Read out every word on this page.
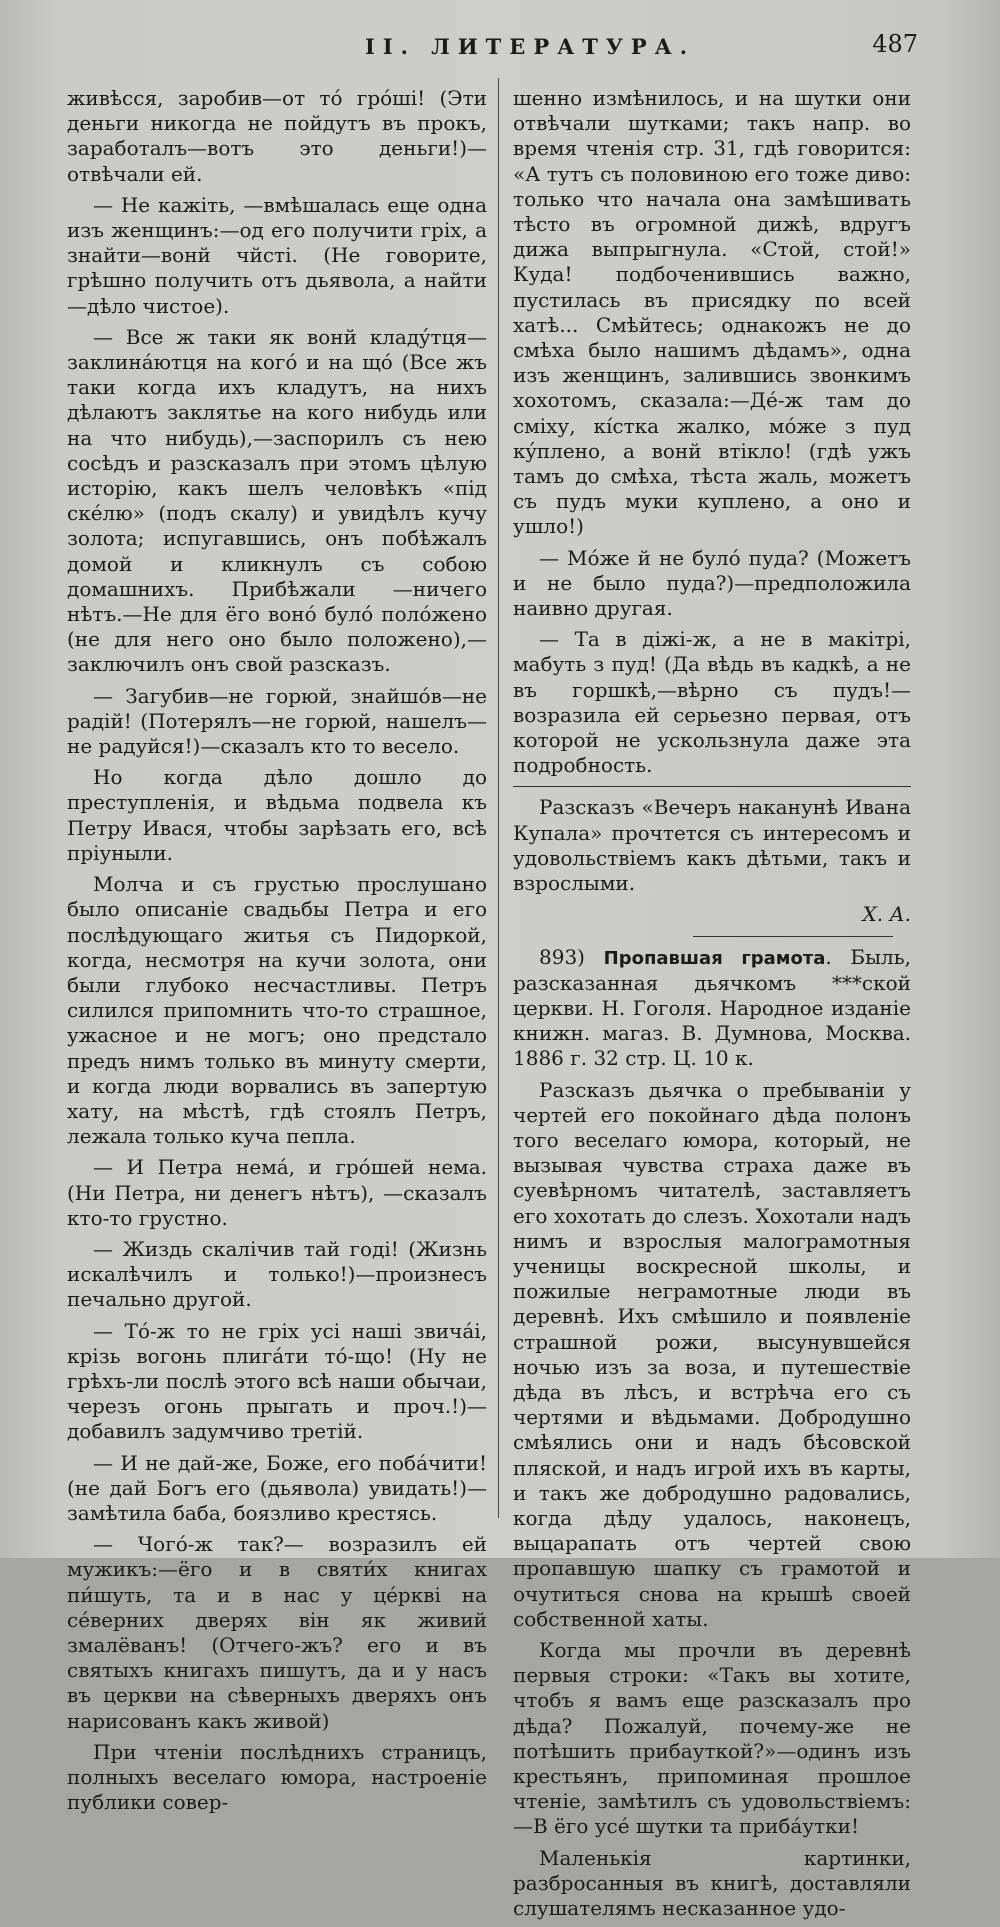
II. ЛИТЕРАТУРА.	487

живѣсся, заробив—от тó грóші! (Эти деньги никогда не пойдутъ въ прокъ, заработалъ—вотъ это деньги!)—отвѣчали ей.

— Не кажіть, —вмѣшалась еще одна изъ женщинъ:—од его получити гріх, а знайти—вонй чйсті. (Не говорите, грѣшно получить отъ дьявола, а найти—дѣло чистое).

— Все ж таки як вонй кладýтця—заклинáютця на когó и на щó (Все жъ таки когда ихъ кладутъ, на нихъ дѣлаютъ заклятье на кого нибудь или на что нибудь),—заспорилъ съ нею сосѣдъ и разсказалъ при этомъ цѣлую исторію, какъ шелъ человѣкъ «під скéлю» (подъ скалу) и увидѣлъ кучу золота; испугавшись, онъ побѣжалъ домой и кликнулъ съ собою домашнихъ. Прибѣжали —ничего нѣтъ.—Не для ёго вонó булó полóжено (не для него оно было положено),—заключилъ онъ свой разсказъ.

— Загубив—не горюй, знайшóв—не радій! (Потерялъ—не горюй, нашелъ—не радуйся!)—сказалъ кто то весело.

Но когда дѣло дошло до преступленія, и вѣдьма подвела къ Петру Ивася, чтобы зарѣзать его, всѣ пріуныли.

Молча и съ грустью прослушано было описаніе свадьбы Петра и его послѣдующаго житья съ Пидоркой, когда, несмотря на кучи золота, они были глубоко несчастливы. Петръ силился припомнить что-то страшное, ужасное и не могъ; оно предстало предъ нимъ только въ минуту смерти, и когда люди ворвались въ запертую хату, на мѣстѣ, гдѣ стоялъ Петръ, лежала только куча пепла.

— И Петра немá, и грóшей нема. (Ни Петра, ни денегъ нѣтъ), —сказалъ кто-то грустно.

— Жиздь скалічив тай годі! (Жизнь искалѣчилъ и только!)—произнесъ печально другой.

— Тó-ж то не гріх усі наші звичáі, крізь вогонь плигáти тó-що! (Ну не грѣхъ-ли послѣ этого всѣ наши обычаи, черезъ огонь прыгать и проч.!)—добавилъ задумчиво третій.

— И не дай-же, Боже, его побáчити! (не дай Богъ его (дьявола) увидать!)—замѣтила баба, боязливо крестясь.

— Чогó-ж так?— возразилъ ей мужикъ:—ёго и в святи́х книгах пи́шуть, та и в нас у цéркві на сéверних дверях він як живий змалёванъ! (Отчего-жъ? его и въ святыхъ книгахъ пишутъ, да и у насъ въ церкви на сѣверныхъ дверяхъ онъ нарисованъ какъ живой)

При чтеніи послѣднихъ страницъ, полныхъ веселаго юмора, настроеніе публики совер-

шенно измѣнилось, и на шутки они отвѣчали шутками; такъ напр. во время чтенія стр. 31, гдѣ говорится: «А тутъ съ половиною его тоже диво: только что начала она замѣшивать тѣсто въ огромной дижѣ, вдругъ дижа выпрыгнула. «Стой, стой!» Куда! подбоченившись важно, пустилась въ присядку по всей хатѣ... Смѣйтесь; однакожъ не до смѣха было нашимъ дѣдамъ», одна изъ женщинъ, залившись звонкимъ хохотомъ, сказала:—Дé-ж там до сміху, кі́стка жалко, мóже з пуд кýплено, а вонй втікло! (гдѣ ужъ тамъ до смѣха, тѣста жаль, можетъ съ пудъ муки куплено, а оно и ушло!)

— Мóже й не булó пуда? (Можетъ и не было пуда?)—предположила наивно другая.

— Та в діжі-ж, а не в макітрі, мабуть з пуд! (Да вѣдь въ кадкѣ, а не въ горшкѣ,—вѣрно съ пудъ!—возразила ей серьезно первая, отъ которой не ускользнула даже эта подробность.

Разсказъ «Вечеръ наканунѣ Ивана Купала» прочтется съ интересомъ и удовольствіемъ какъ дѣтьми, такъ и взрослыми.

Х. А.

893) Пропавшая грамота. Быль, разсказанная дьячкомъ ***ской церкви. Н. Гоголя. Народное изданіе книжн. магаз. В. Думнова, Москва. 1886 г. 32 стр. Ц. 10 к.

Разсказъ дьячка о пребываніи у чертей его покойнаго дѣда полонъ того веселаго юмора, который, не вызывая чувства страха даже въ суевѣрномъ читателѣ, заставляетъ его хохотать до слезъ. Хохотали надъ нимъ и взрослыя малограмотныя ученицы воскресной школы, и пожилые неграмотные люди въ деревнѣ. Ихъ смѣшило и появленіе страшной рожи, высунувшейся ночью изъ за воза, и путешествіе дѣда въ лѣсъ, и встрѣча его съ чертями и вѣдьмами. Добродушно смѣялись они и надъ бѣсовской пляской, и надъ игрой ихъ въ карты, и такъ же добродушно радовались, когда дѣду удалось, наконецъ, выцарапать отъ чертей свою пропавшую шапку съ грамотой и очутиться снова на крышѣ своей собственной хаты.

Когда мы прочли въ деревнѣ первыя строки: «Такъ вы хотите, чтобъ я вамъ еще разсказалъ про дѣда? Пожалуй, почему-же не потѣшить прибауткой?»—одинъ изъ крестьянъ, припоминая прошлое чтеніе, замѣтилъ съ удовольствіемъ:—В ёго усé шутки та прибáутки!

Маленькія картинки, разбросанныя въ книгѣ, доставляли слушателямъ несказанное удо-
